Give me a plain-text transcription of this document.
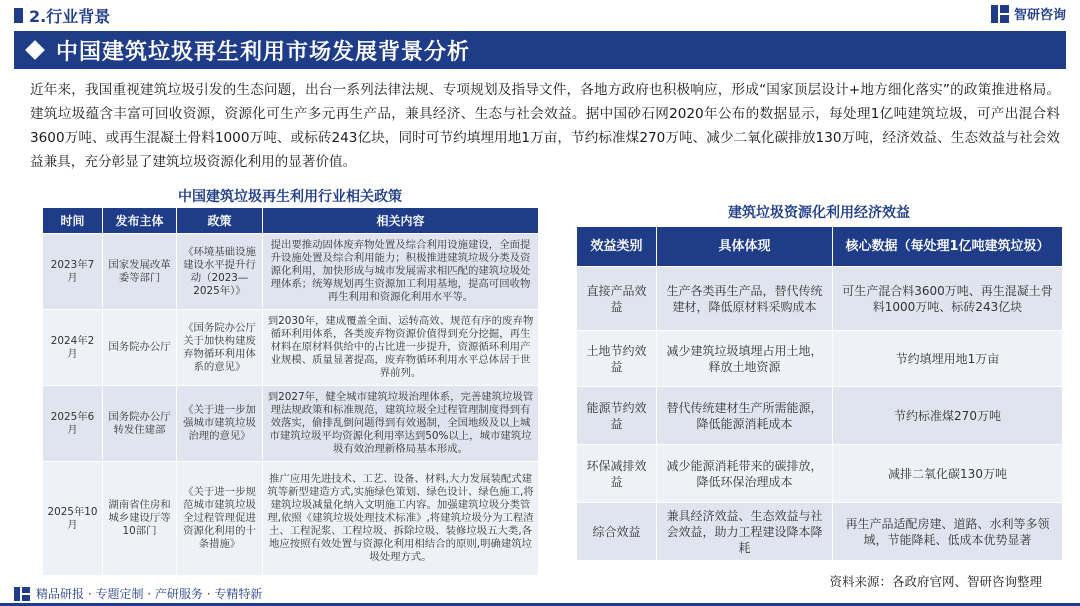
2.行业背景	智研咨询
中国建筑垃圾再生利用市场发展背景分析

近年来，我国重视建筑垃圾引发的生态问题，出台一系列法律法规、专项规划及指导文件，各地方政府也积极响应，形成“国家顶层设计+地方细化落实”的政策推进格局。建筑垃圾蕴含丰富可回收资源，资源化可生产多元再生产品，兼具经济、生态与社会效益。据中国砂石网2020年公布的数据显示，每处理1亿吨建筑垃圾，可产出混合料3600万吨、或再生混凝土骨料1000万吨、或标砖243亿块，同时可节约填埋用地1万亩，节约标准煤270万吨、减少二氧化碳排放130万吨，经济效益、生态效益与社会效益兼具，充分彰显了建筑垃圾资源化利用的显著价值。

中国建筑垃圾再生利用行业相关政策
时间	发布主体	政策	相关内容
2023年7月	国家发展改革委等部门	《环境基础设施建设水平提升行动（2023—2025年）》	提出要推动固体废弃物处置及综合利用设施建设，全面提升设施处置及综合利用能力；积极推进建筑垃圾分类及资源化利用，加快形成与城市发展需求相匹配的建筑垃圾处理体系；统筹规划再生资源加工利用基地，提高可回收物再生利用和资源化利用水平等。
2024年2月	国务院办公厅	《国务院办公厅关于加快构建废弃物循环利用体系的意见》	到2030年，建成覆盖全面、运转高效、规范有序的废弃物循环利用体系，各类废弃物资源价值得到充分挖掘，再生材料在原材料供给中的占比进一步提升，资源循环利用产业规模、质量显著提高，废弃物循环利用水平总体居于世界前列。
2025年6月	国务院办公厅转发住建部	《关于进一步加强城市建筑垃圾治理的意见》	到2027年，健全城市建筑垃圾治理体系，完善建筑垃圾管理法规政策和标准规范，建筑垃圾全过程管理制度得到有效落实，偷排乱倒问题得到有效遏制，全国地级及以上城市建筑垃圾平均资源化利用率达到50%以上，城市建筑垃圾有效治理新格局基本形成。
2025年10月	湖南省住房和城乡建设厅等10部门	《关于进一步规范城市建筑垃圾全过程管理促进资源化利用的十条措施》	推广应用先进技术、工艺、设备、材料,大力发展装配式建筑等新型建造方式,实施绿色策划、绿色设计、绿色施工,将建筑垃圾减量化纳入文明施工内容。加强建筑垃圾分类管理,依照《建筑垃圾处理技术标准》,将建筑垃圾分为工程渣土、工程泥浆、工程垃圾、拆除垃圾、装修垃圾五大类,各地应按照有效处置与资源化利用相结合的原则,明确建筑垃圾处理方式。
建筑垃圾资源化利用经济效益
效益类别	具体体现	核心数据（每处理1亿吨建筑垃圾）
直接产品效益	生产各类再生产品，替代传统建材，降低原材料采购成本	可生产混合料3600万吨、再生混凝土骨料1000万吨、标砖243亿块
土地节约效益	减少建筑垃圾填埋占用土地，释放土地资源	节约填埋用地1万亩
能源节约效益	替代传统建材生产所需能源，降低能源消耗成本	节约标准煤270万吨
环保减排效益	减少能源消耗带来的碳排放，降低环保治理成本	减排二氧化碳130万吨
综合效益	兼具经济效益、生态效益与社会效益，助力工程建设降本降耗	再生产品适配房建、道路、水利等多领域，节能降耗、低成本优势显著
资料来源：各政府官网、智研咨询整理
精品研报 · 专题定制 · 产研服务 · 专精特新
